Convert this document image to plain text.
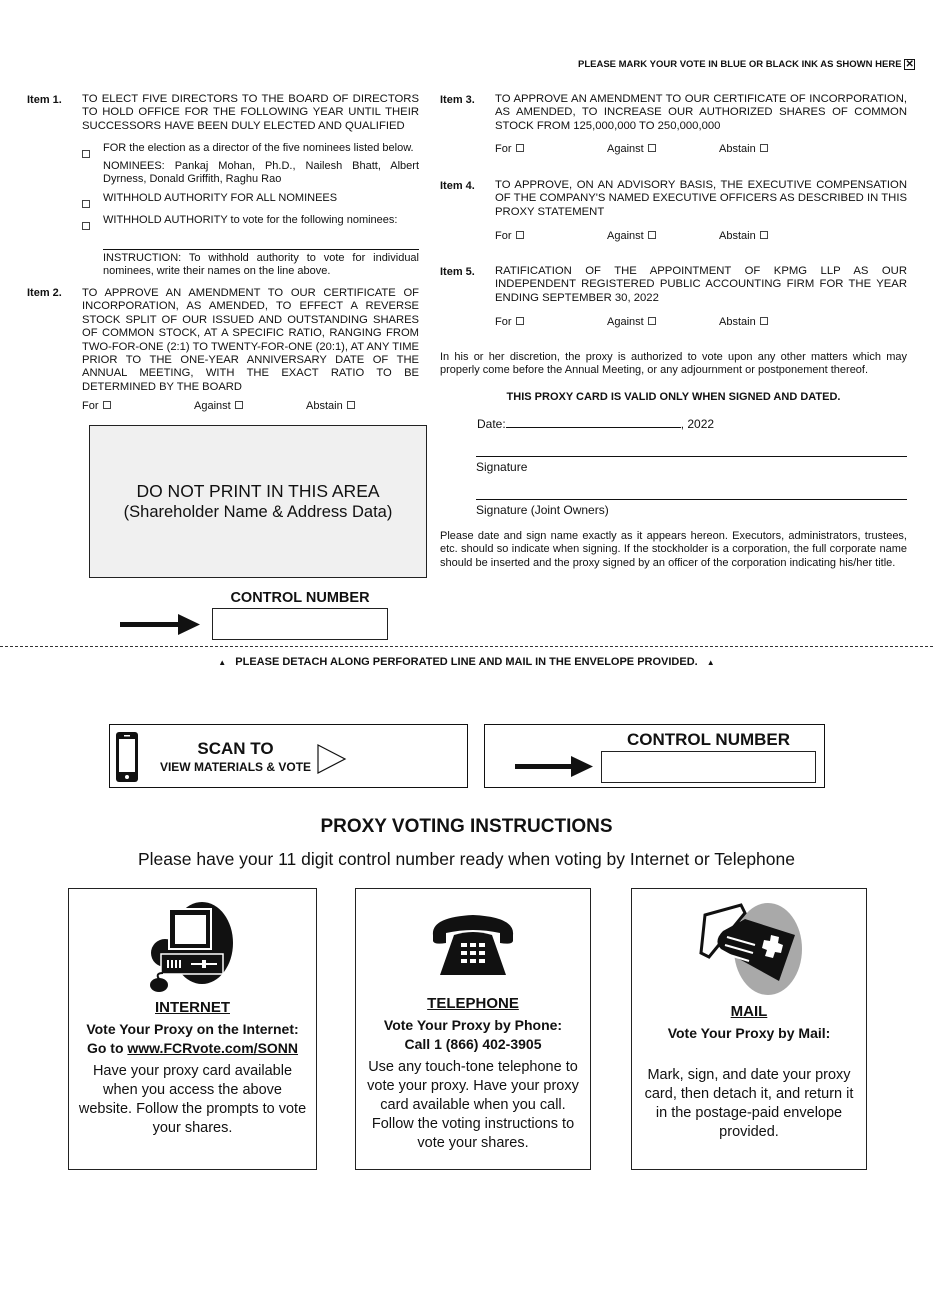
PLEASE MARK YOUR VOTE IN BLUE OR BLACK INK AS SHOWN HERE ✕
Item 1. TO ELECT FIVE DIRECTORS TO THE BOARD OF DIRECTORS TO HOLD OFFICE FOR THE FOLLOWING YEAR UNTIL THEIR SUCCESSORS HAVE BEEN DULY ELECTED AND QUALIFIED
FOR the election as a director of the five nominees listed below.
NOMINEES: Pankaj Mohan, Ph.D., Nailesh Bhatt, Albert Dyrness, Donald Griffith, Raghu Rao
WITHHOLD AUTHORITY FOR ALL NOMINEES
WITHHOLD AUTHORITY to vote for the following nominees:
INSTRUCTION: To withhold authority to vote for individual nominees, write their names on the line above.
Item 2. TO APPROVE AN AMENDMENT TO OUR CERTIFICATE OF INCORPORATION, AS AMENDED, TO EFFECT A REVERSE STOCK SPLIT OF OUR ISSUED AND OUTSTANDING SHARES OF COMMON STOCK, AT A SPECIFIC RATIO, RANGING FROM TWO-FOR-ONE (2:1) TO TWENTY-FOR-ONE (20:1), AT ANY TIME PRIOR TO THE ONE-YEAR ANNIVERSARY DATE OF THE ANNUAL MEETING, WITH THE EXACT RATIO TO BE DETERMINED BY THE BOARD
For	Against	Abstain
DO NOT PRINT IN THIS AREA
(Shareholder Name & Address Data)
CONTROL NUMBER
Item 3. TO APPROVE AN AMENDMENT TO OUR CERTIFICATE OF INCORPORATION, AS AMENDED, TO INCREASE OUR AUTHORIZED SHARES OF COMMON STOCK FROM 125,000,000 TO 250,000,000
For	Against	Abstain
Item 4. TO APPROVE, ON AN ADVISORY BASIS, THE EXECUTIVE COMPENSATION OF THE COMPANY'S NAMED EXECUTIVE OFFICERS AS DESCRIBED IN THIS PROXY STATEMENT
For	Against	Abstain
Item 5. RATIFICATION OF THE APPOINTMENT OF KPMG LLP AS OUR INDEPENDENT REGISTERED PUBLIC ACCOUNTING FIRM FOR THE YEAR ENDING SEPTEMBER 30, 2022
For	Against	Abstain
In his or her discretion, the proxy is authorized to vote upon any other matters which may properly come before the Annual Meeting, or any adjournment or postponement thereof.
THIS PROXY CARD IS VALID ONLY WHEN SIGNED AND DATED.
Date:	, 2022
Signature
Signature (Joint Owners)
Please date and sign name exactly as it appears hereon. Executors, administrators, trustees, etc. should so indicate when signing. If the stockholder is a corporation, the full corporate name should be inserted and the proxy signed by an officer of the corporation indicating his/her title.
▲ PLEASE DETACH ALONG PERFORATED LINE AND MAIL IN THE ENVELOPE PROVIDED. ▲
SCAN TO
VIEW MATERIALS & VOTE
CONTROL NUMBER
PROXY VOTING INSTRUCTIONS
Please have your 11 digit control number ready when voting by Internet or Telephone
INTERNET
Vote Your Proxy on the Internet:
Go to www.FCRvote.com/SONN
Have your proxy card available when you access the above website. Follow the prompts to vote your shares.
TELEPHONE
Vote Your Proxy by Phone:
Call 1 (866) 402-3905
Use any touch-tone telephone to vote your proxy. Have your proxy card available when you call. Follow the voting instructions to vote your shares.
MAIL
Vote Your Proxy by Mail:
Mark, sign, and date your proxy card, then detach it, and return it in the postage-paid envelope provided.
